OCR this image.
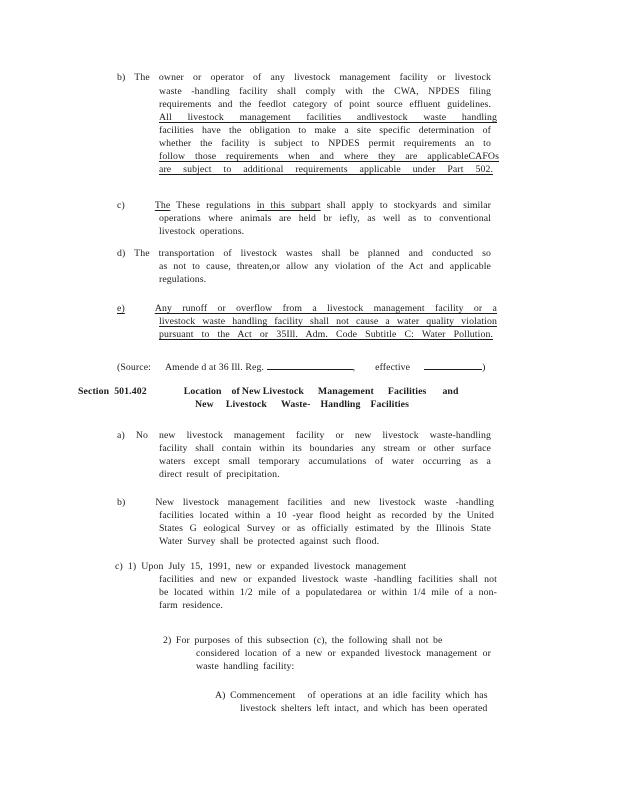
b) The owner or operator of any livestock management facility or livestock
waste -handling facility shall comply with the CWA, NPDES filing
requirements and the feedlot category of point source effluent guidelines.
All livestock management facilities andlivestock waste handling
facilities have the obligation to make a site specific determination of
whether the facility is subject to NPDES permit requirements an to
follow those requirements when and where they are applicableCAFOs
are subject to additional requirements applicable under Part 502.
c)	The These regulations in this subpart shall apply to stockyards and similar
operations where animals are held br iefly, as well as to conventional
livestock operations.
d) The transportation of livestock wastes shall be planned and conducted so
as not to cause, threaten,or allow any violation of the Act and applicable
regulations.
e)	Any runoff or overflow from a livestock management facility or a
livestock waste handling facility shall not cause a water quality violation
pursuant to the Act or 35Ill. Adm. Code Subtitle C: Water Pollution.
(Source: Amende d at 36 Ill. Reg.	, effective	)
Section 501.402	Location of New Livestock Management Facilities and
New Livestock Waste- Handling Facilities
a) No new livestock management facility or new livestock waste-handling
facility shall contain within its boundaries any stream or other surface
waters except small temporary accumulations of water occurring as a
direct result of precipitation.
b)	New livestock management facilities and new livestock waste -handling
facilities located within a 10 -year flood height as recorded by the United
States G eological Survey or as officially estimated by the Illinois State
Water Survey shall be protected against such flood.
c) 1) Upon July 15, 1991, new or expanded livestock management
facilities and new or expanded livestock waste -handling facilities shall not
be located within 1/2 mile of a populatedarea or within 1/4 mile of a non-
farm residence.
2) For purposes of this subsection (c), the following shall not be
considered location of a new or expanded livestock management or
waste handling facility:
A) Commencement of operations at an idle facility which has
livestock shelters left intact, and which has been operated
